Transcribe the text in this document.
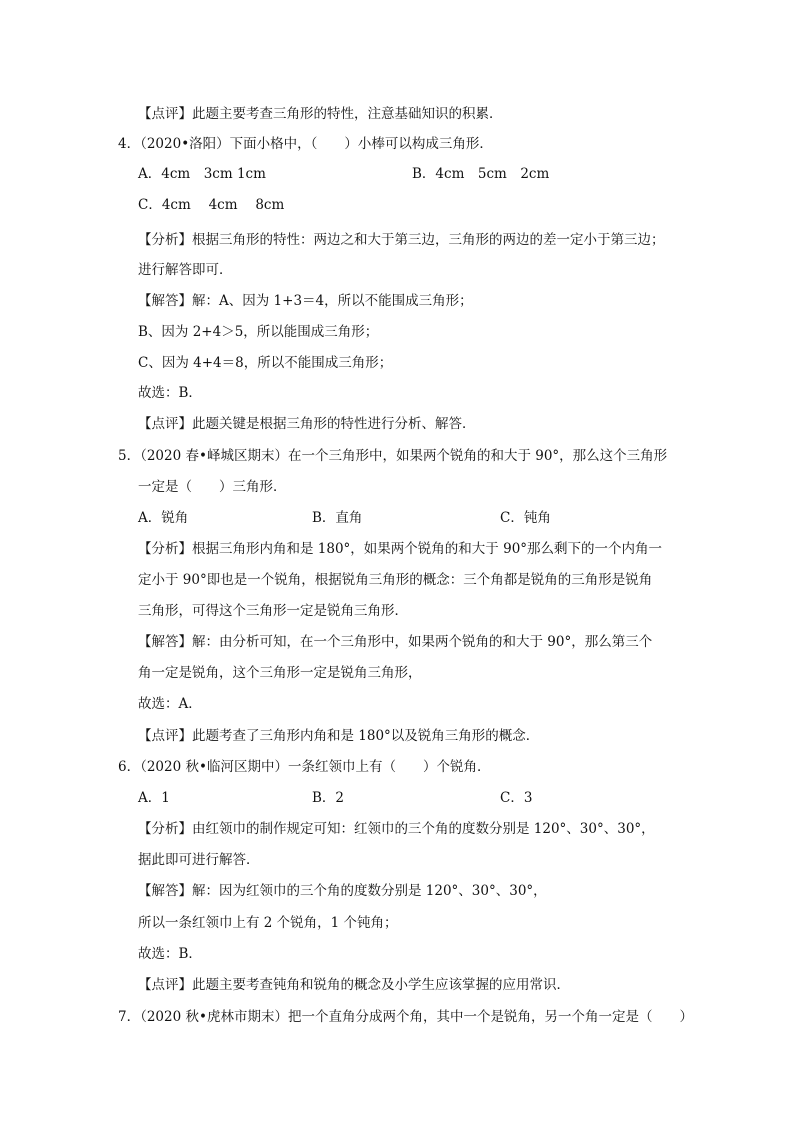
【点评】此题主要考查三角形的特性，注意基础知识的积累．
4．（2020•洛阳）下面小格中，（　　）小棒可以构成三角形．
A．4cm　3cm 1cm	B．4cm　5cm　2cm
C．4cm　 4cm　 8cm
【分析】根据三角形的特性：两边之和大于第三边，三角形的两边的差一定小于第三边；
进行解答即可．
【解答】解：A、因为 1+3＝4，所以不能围成三角形；
B、因为 2+4＞5，所以能围成三角形；
C、因为 4+4＝8，所以不能围成三角形；
故选：B．
【点评】此题关键是根据三角形的特性进行分析、解答．
5．（2020 春•峄城区期末）在一个三角形中，如果两个锐角的和大于 90°，那么这个三角形
一定是（　　）三角形．
A．锐角	B．直角	C．钝角
【分析】根据三角形内角和是 180°，如果两个锐角的和大于 90°那么剩下的一个内角一
定小于 90°即也是一个锐角，根据锐角三角形的概念：三个角都是锐角的三角形是锐角
三角形，可得这个三角形一定是锐角三角形．
【解答】解：由分析可知，在一个三角形中，如果两个锐角的和大于 90°，那么第三个
角一定是锐角，这个三角形一定是锐角三角形，
故选：A．
【点评】此题考查了三角形内角和是 180°以及锐角三角形的概念．
6．（2020 秋•临河区期中）一条红领巾上有（　　）个锐角．
A．1	B．2	C．3
【分析】由红领巾的制作规定可知：红领巾的三个角的度数分别是 120°、30°、30°，
据此即可进行解答．
【解答】解：因为红领巾的三个角的度数分别是 120°、30°、30°，
所以一条红领巾上有 2 个锐角，1 个钝角；
故选：B．
【点评】此题主要考查钝角和锐角的概念及小学生应该掌握的应用常识．
7．（2020 秋•虎林市期末）把一个直角分成两个角，其中一个是锐角，另一个角一定是（　　）
